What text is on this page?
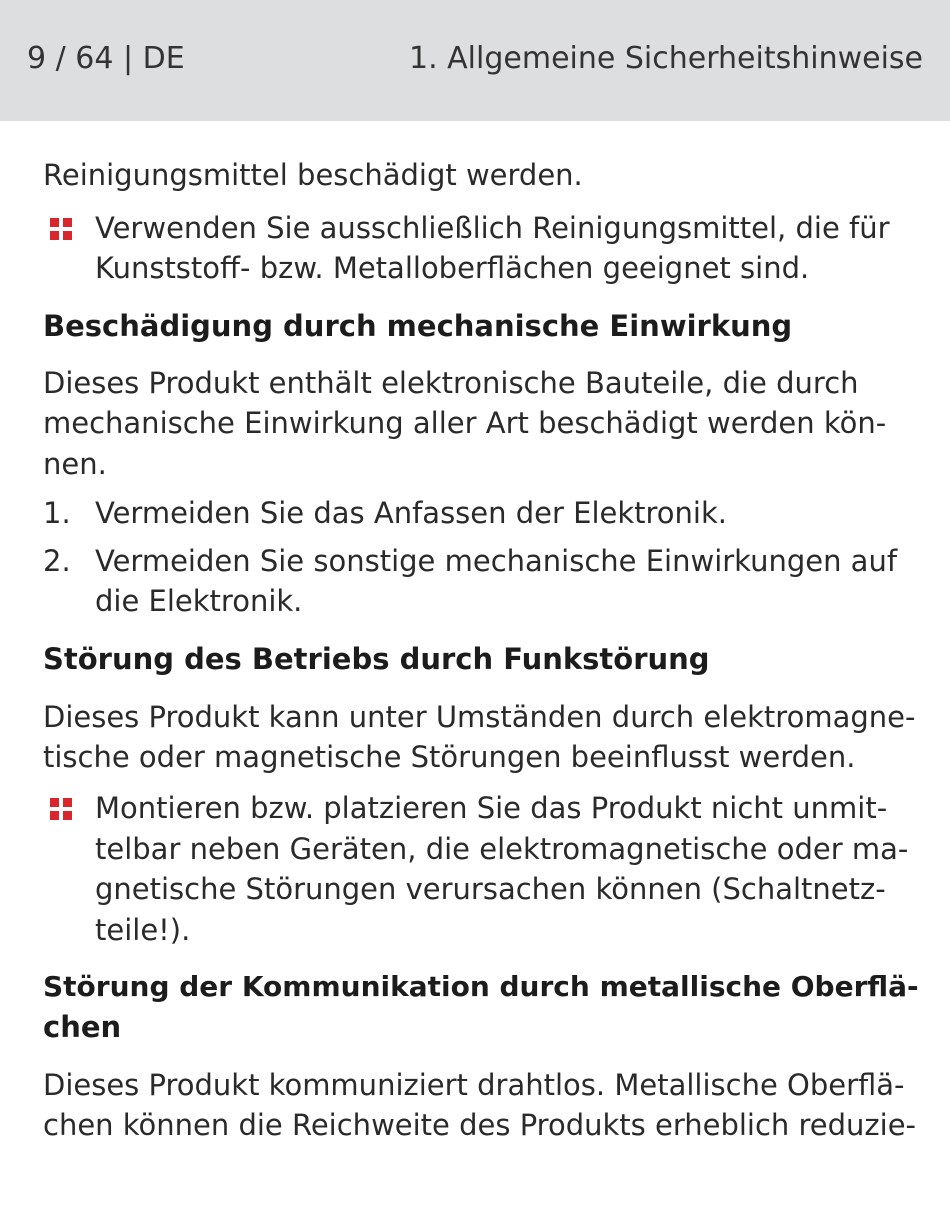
9 / 64 | DE	1. Allgemeine Sicherheitshinweise
Reinigungsmittel beschädigt werden.
Verwenden Sie ausschließlich Reinigungsmittel, die für
Kunststoff- bzw. Metalloberflächen geeignet sind.
Beschädigung durch mechanische Einwirkung
Dieses Produkt enthält elektronische Bauteile, die durch
mechanische Einwirkung aller Art beschädigt werden kön-
nen.
1. Vermeiden Sie das Anfassen der Elektronik.
2. Vermeiden Sie sonstige mechanische Einwirkungen auf
die Elektronik.
Störung des Betriebs durch Funkstörung
Dieses Produkt kann unter Umständen durch elektromagne-
tische oder magnetische Störungen beeinflusst werden.
Montieren bzw. platzieren Sie das Produkt nicht unmit-
telbar neben Geräten, die elektromagnetische oder ma-
gnetische Störungen verursachen können (Schaltnetz-
teile!).
Störung der Kommunikation durch metallische Oberflä-
chen
Dieses Produkt kommuniziert drahtlos. Metallische Oberflä-
chen können die Reichweite des Produkts erheblich reduzie-
